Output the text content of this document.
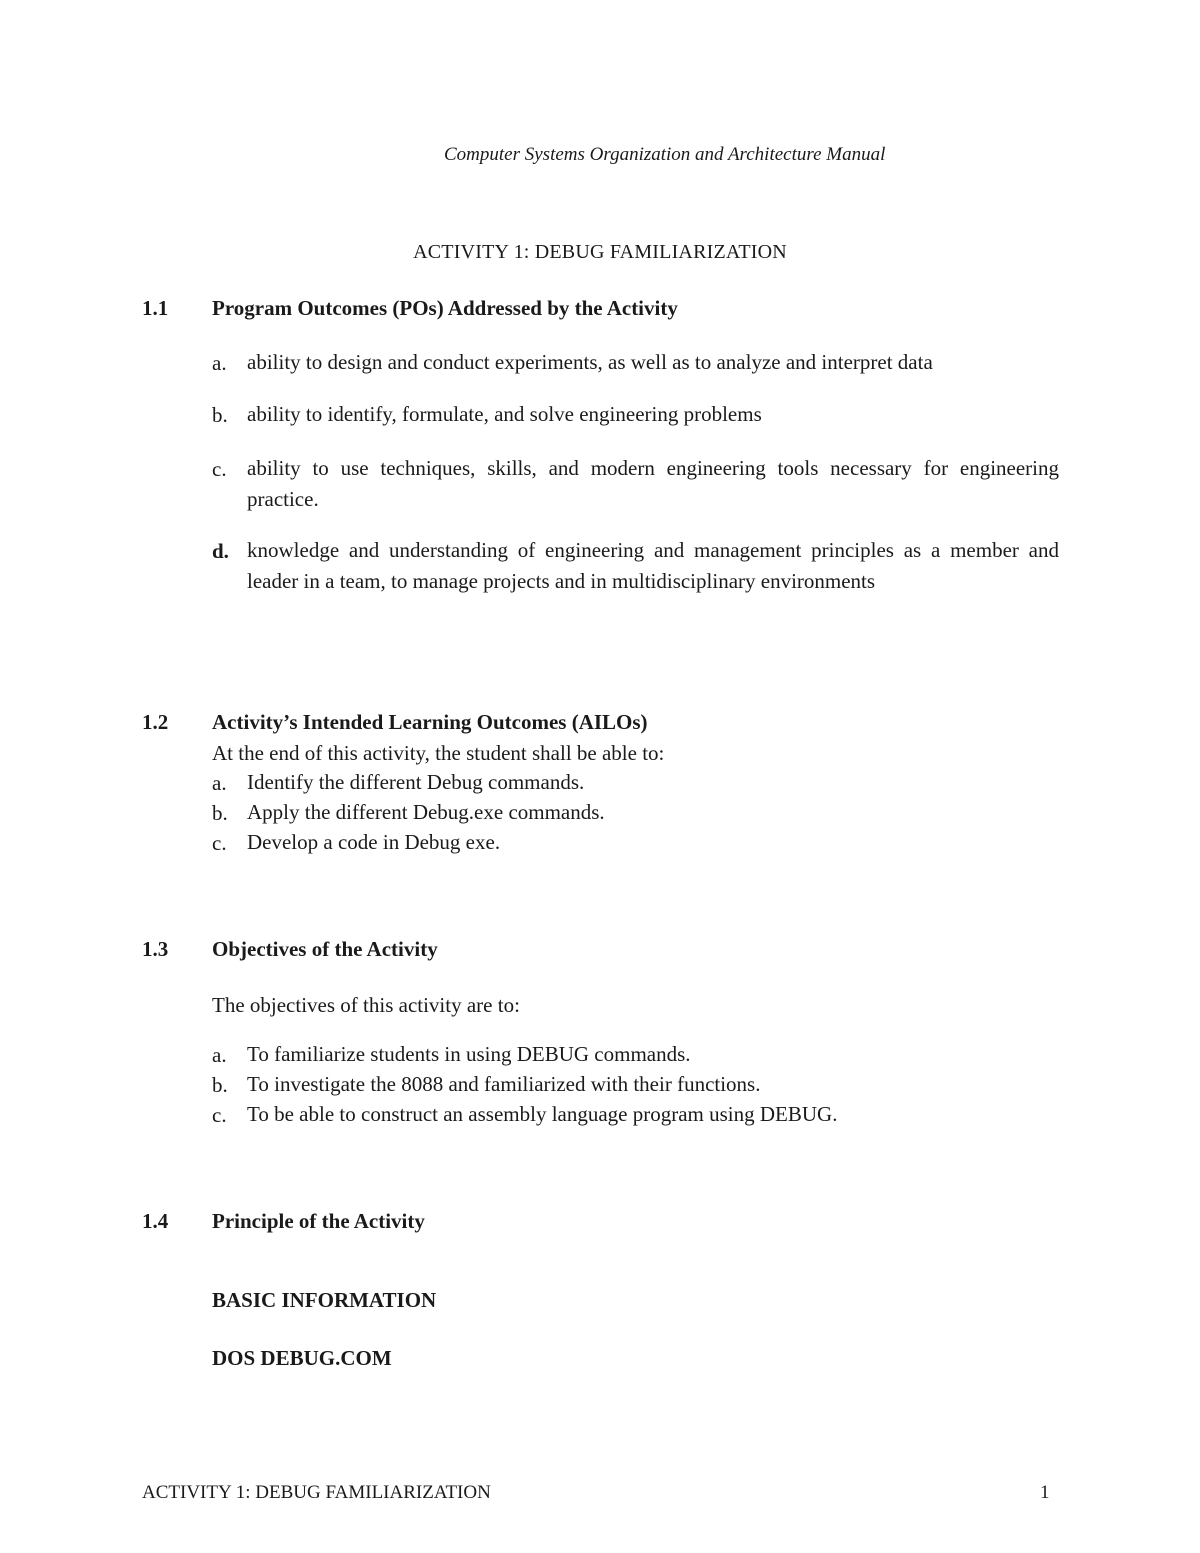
Computer Systems Organization and Architecture Manual
ACTIVITY 1: DEBUG FAMILIARIZATION
1.1 Program Outcomes (POs) Addressed by the Activity
a. ability to design and conduct experiments, as well as to analyze and interpret data
b. ability to identify, formulate, and solve engineering problems
c. ability to use techniques, skills, and modern engineering tools necessary for engineering practice.
d. knowledge and understanding of engineering and management principles as a member and leader in a team, to manage projects and in multidisciplinary environments
1.2 Activity’s Intended Learning Outcomes (AILOs)
At the end of this activity, the student shall be able to:
a. Identify the different Debug commands.
b. Apply the different Debug.exe commands.
c. Develop a code in Debug exe.
1.3 Objectives of the Activity
The objectives of this activity are to:
a. To familiarize students in using DEBUG commands.
b. To investigate the 8088 and familiarized with their functions.
c. To be able to construct an assembly language program using DEBUG.
1.4 Principle of the Activity
BASIC INFORMATION
DOS DEBUG.COM
ACTIVITY 1: DEBUG FAMILIARIZATION	1
